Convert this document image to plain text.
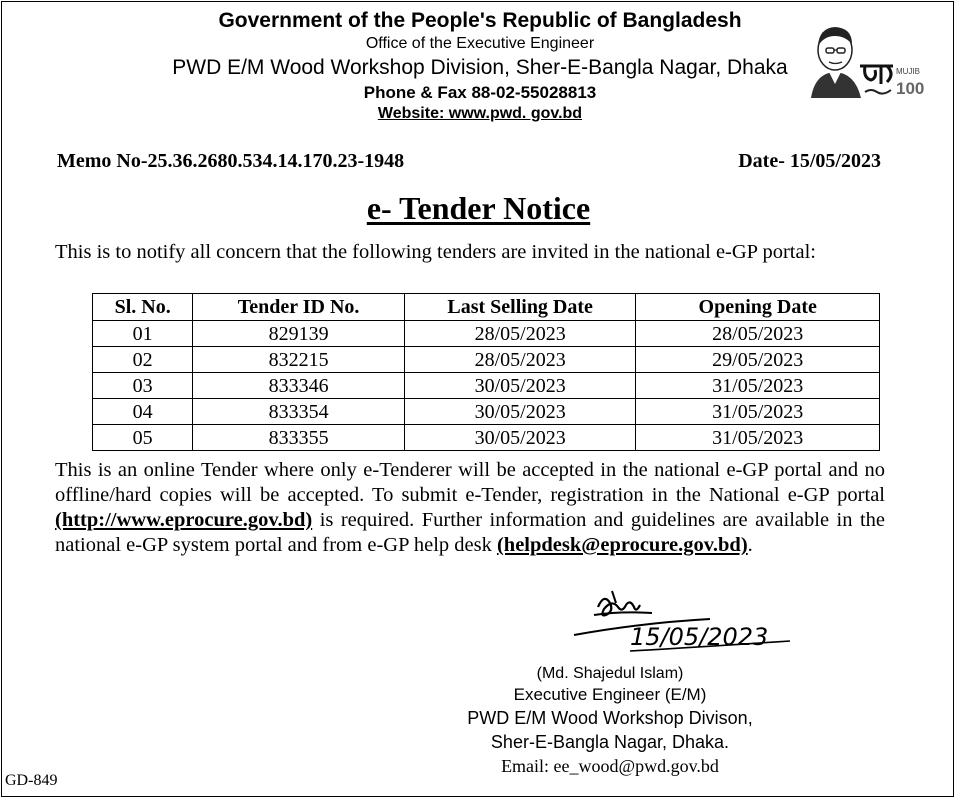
Government of the People's Republic of Bangladesh
Office of the Executive Engineer
PWD E/M Wood Workshop Division, Sher-E-Bangla Nagar, Dhaka
Phone & Fax 88-02-55028813
Website: www.pwd. gov.bd
MUJIB
100
Memo No-25.36.2680.534.14.170.23-1948	Date- 15/05/2023
e- Tender Notice
This is to notify all concern that the following tenders are invited in the national e-GP portal:
Sl. No.	Tender ID No.	Last Selling Date	Opening Date
01	829139	28/05/2023	28/05/2023
02	832215	28/05/2023	29/05/2023
03	833346	30/05/2023	31/05/2023
04	833354	30/05/2023	31/05/2023
05	833355	30/05/2023	31/05/2023
This is an online Tender where only e-Tenderer will be accepted in the national e-GP portal and no offline/hard copies will be accepted. To submit e-Tender, registration in the National e-GP portal (http://www.eprocure.gov.bd) is required. Further information and guidelines are available in the national e-GP system portal and from e-GP help desk (helpdesk@eprocure.gov.bd).
15/05/2023
(Md. Shajedul Islam)
Executive Engineer (E/M)
PWD E/M Wood Workshop Divison,
Sher-E-Bangla Nagar, Dhaka.
Email: ee_wood@pwd.gov.bd
GD-849
